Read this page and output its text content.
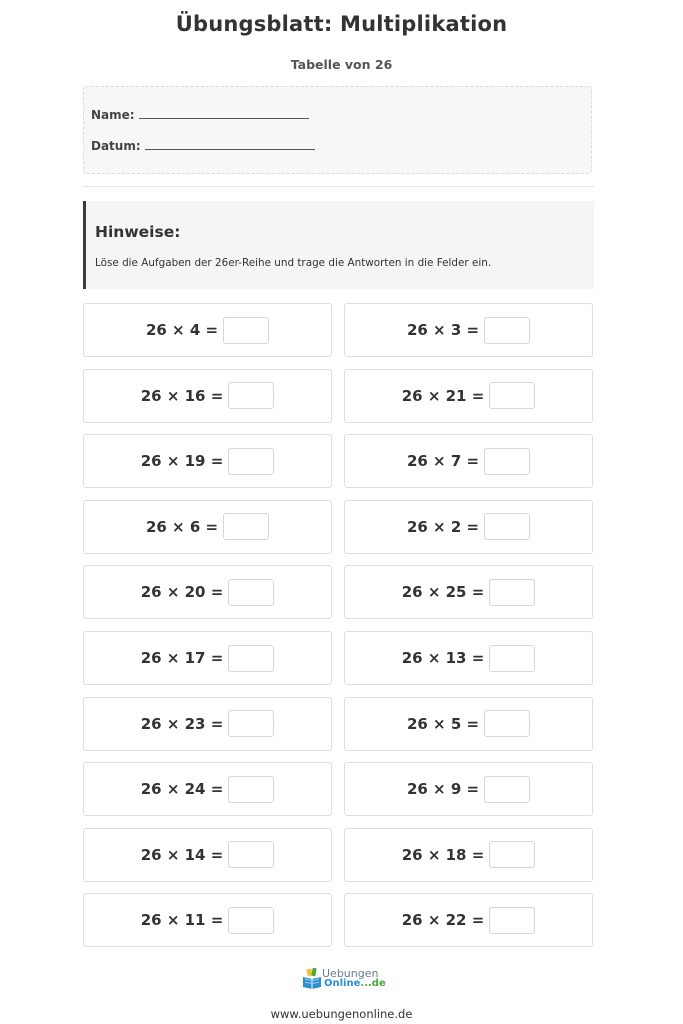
Übungsblatt: Multiplikation
Tabelle von 26
Name:
Datum:
Hinweise:
Löse die Aufgaben der 26er-Reihe und trage die Antworten in die Felder ein.
26 × 4 =	26 × 3 =
26 × 16 =	26 × 21 =
26 × 19 =	26 × 7 =
26 × 6 =	26 × 2 =
26 × 20 =	26 × 25 =
26 × 17 =	26 × 13 =
26 × 23 =	26 × 5 =
26 × 24 =	26 × 9 =
26 × 14 =	26 × 18 =
26 × 11 =	26 × 22 =
Uebungen
Online...de
www.uebungenonline.de
